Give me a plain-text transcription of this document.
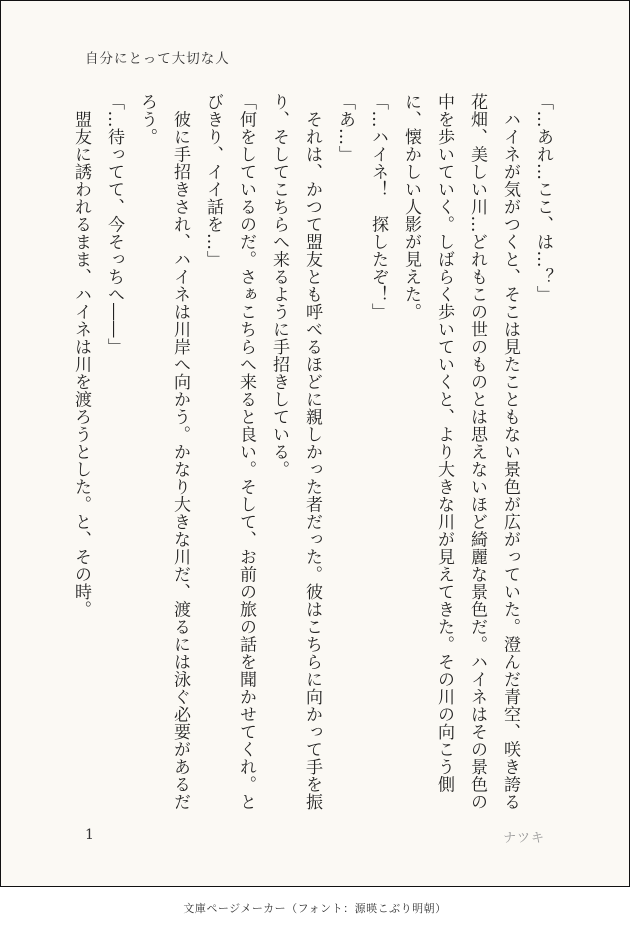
自分にとって大切な人

「…あれ…ここ、は…？」

　ハイネが気がつくと、そこは見たこともない景色が広がっていた。澄んだ青空、咲き誇る花畑、美しい川…どれもこの世のものとは思えないほど綺麗な景色だ。ハイネはその景色の中を歩いていく。しばらく歩いていくと、より大きな川が見えてきた。その川の向こう側に、懐かしい人影が見えた。

「…ハイネ！　探したぞ！」

「あ…」

　それは、かつて盟友とも呼べるほどに親しかった者だった。彼はこちらに向かって手を振り、そしてこちらへ来るように手招きしている。

「何をしているのだ。さぁこちらへ来ると良い。そして、お前の旅の話を聞かせてくれ。とびきり、イイ話を…」

　彼に手招きされ、ハイネは川岸へ向かう。かなり大きな川だ、渡るには泳ぐ必要があるだろう。

「…待ってて、今そっちへ――」

　盟友に誘われるまま、ハイネは川を渡ろうとした。と、その時。

1	ナツキ
文庫ページメーカー（フォント：源暎こぶり明朝）
